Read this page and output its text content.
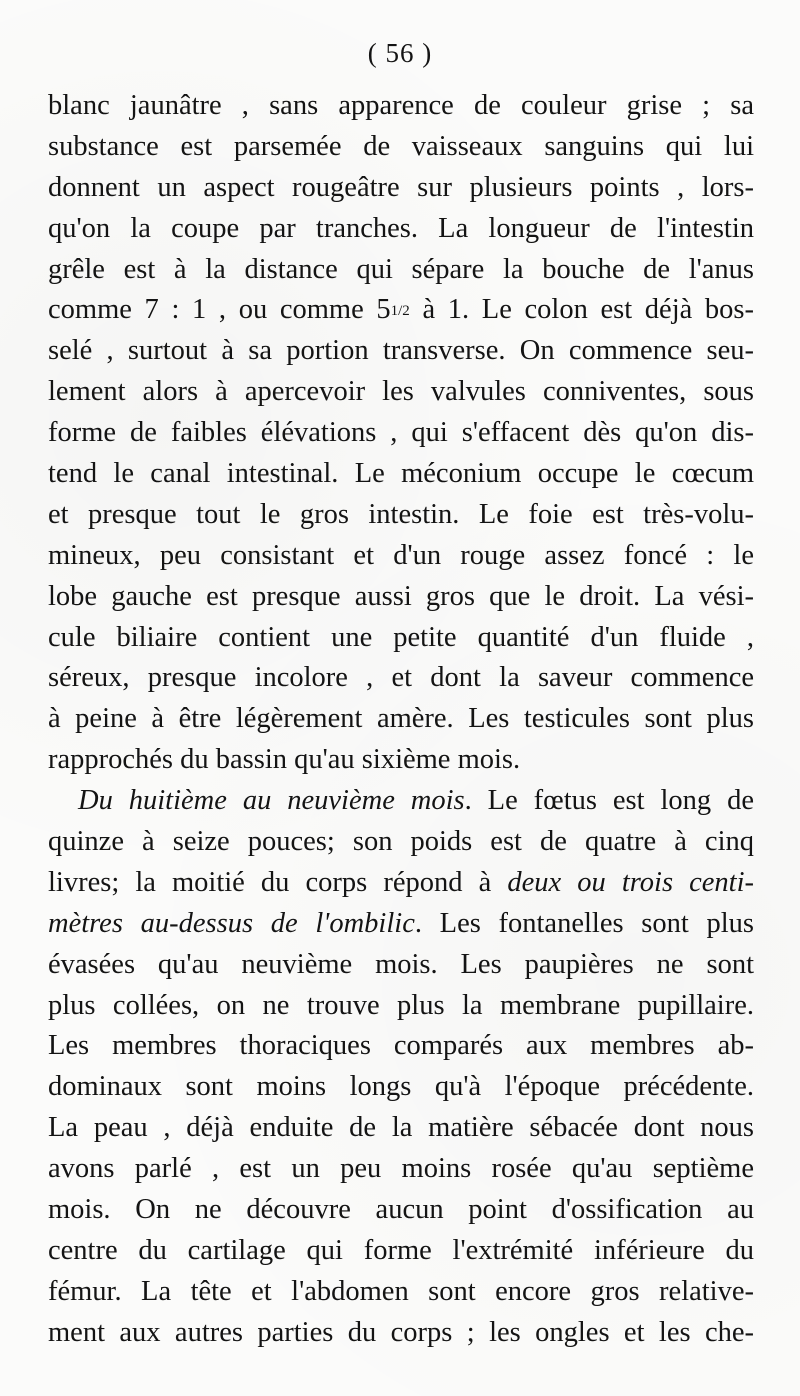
( 56 )
blanc jaunâtre , sans apparence de couleur grise ; sa
substance est parsemée de vaisseaux sanguins qui lui
donnent un aspect rougeâtre sur plusieurs points , lors-
qu'on la coupe par tranches. La longueur de l'intestin
grêle est à la distance qui sépare la bouche de l'anus
comme 7 : 1 , ou comme 51/2 à 1. Le colon est déjà bos-
selé , surtout à sa portion transverse. On commence seu-
lement alors à apercevoir les valvules conniventes, sous
forme de faibles élévations , qui s'effacent dès qu'on dis-
tend le canal intestinal. Le méconium occupe le cœcum
et presque tout le gros intestin. Le foie est très-volu-
mineux, peu consistant et d'un rouge assez foncé : le
lobe gauche est presque aussi gros que le droit. La vési-
cule biliaire contient une petite quantité d'un fluide ,
séreux, presque incolore , et dont la saveur commence
à peine à être légèrement amère. Les testicules sont plus
rapprochés du bassin qu'au sixième mois.
Du huitième au neuvième mois. Le fœtus est long de
quinze à seize pouces; son poids est de quatre à cinq
livres; la moitié du corps répond à deux ou trois centi-
mètres au-dessus de l'ombilic. Les fontanelles sont plus
évasées qu'au neuvième mois. Les paupières ne sont
plus collées, on ne trouve plus la membrane pupillaire.
Les membres thoraciques comparés aux membres ab-
dominaux sont moins longs qu'à l'époque précédente.
La peau , déjà enduite de la matière sébacée dont nous
avons parlé , est un peu moins rosée qu'au septième
mois. On ne découvre aucun point d'ossification au
centre du cartilage qui forme l'extrémité inférieure du
fémur. La tête et l'abdomen sont encore gros relative-
ment aux autres parties du corps ; les ongles et les che-
